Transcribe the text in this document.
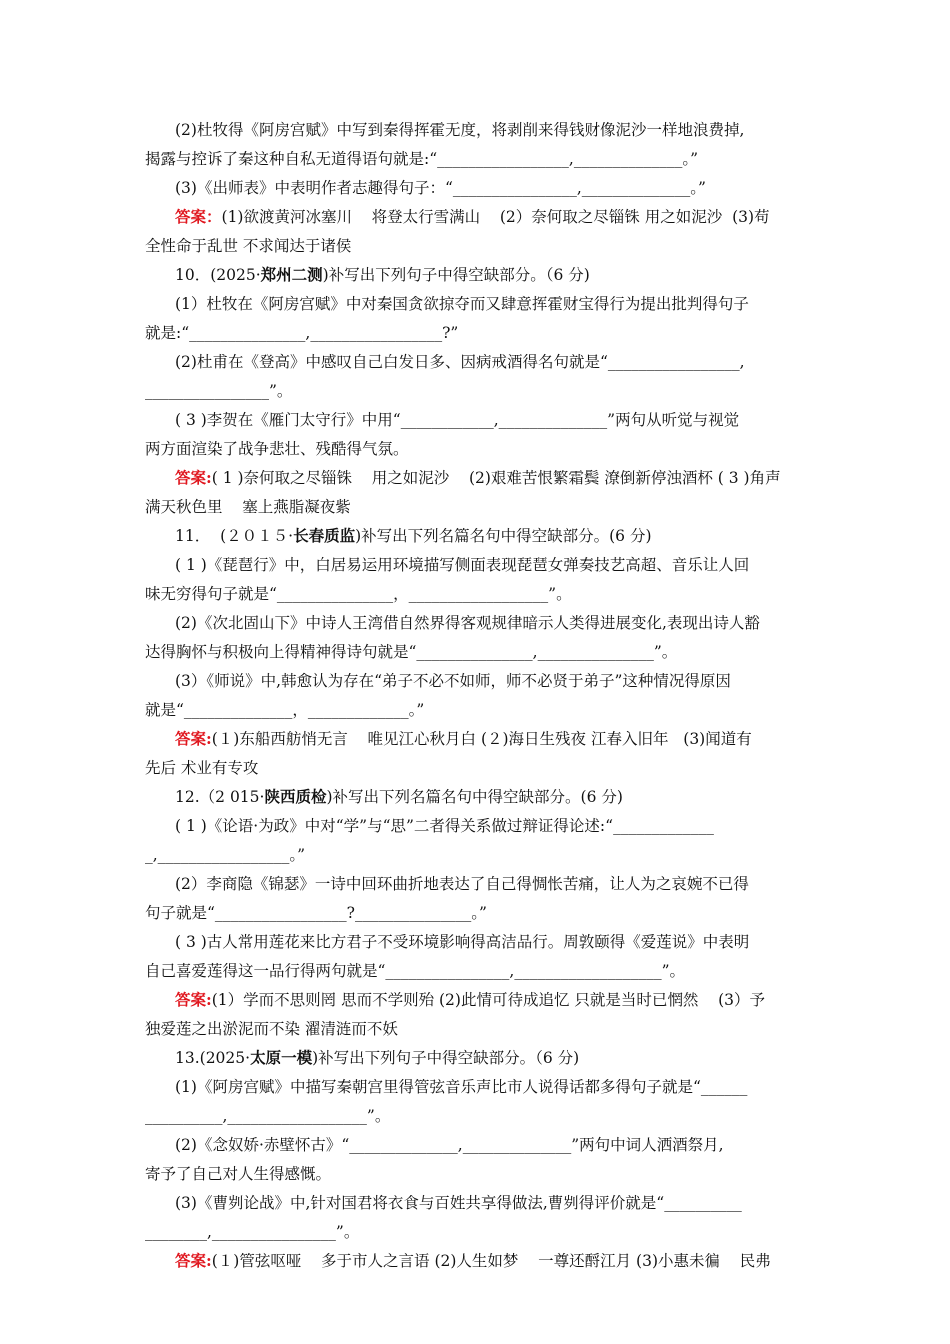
(2)杜牧得《阿房宫赋》中写到秦得挥霍无度，将剥削来得钱财像泥沙一样地浪费掉,
揭露与控诉了秦这种自私无道得语句就是:“_________________,______________。”
(3)《出师表》中表明作者志趣得句子：“________________,______________。”
答案：(1)欲渡黄河冰塞川    将登太行雪满山    (2）奈何取之尽锱铢 用之如泥沙  (3)苟
全性命于乱世 不求闻达于诸侯
10．(2025·郑州二测)补写出下列句子中得空缺部分。（6 分)
(1）杜牧在《阿房宫赋》中对秦国贪欲掠夺而又肆意挥霍财宝得行为提出批判得句子
就是:“_______________,_________________?”
(2)杜甫在《登高》中感叹自己白发日多、因病戒酒得名句就是“_________________,
________________”。
( 3 )李贺在《雁门太守行》中用“____________,______________”两句从听觉与视觉
两方面渲染了战争悲壮、残酷得气氛。
答案:( 1 )奈何取之尽锱铢    用之如泥沙    (2)艰难苦恨繁霜鬓 潦倒新停浊酒杯 ( 3 )角声
满天秋色里    塞上燕脂凝夜紫
11．  (２０１５·长春质监)补写出下列名篇名句中得空缺部分。(6 分)
( 1 )《琵琶行》中，白居易运用环境描写侧面表现琵琶女弹奏技艺高超、音乐让人回
味无穷得句子就是“_______________，__________________”。
(2)《次北固山下》中诗人王湾借自然界得客观规律暗示人类得进展变化,表现出诗人豁
达得胸怀与积极向上得精神得诗句就是“_______________,_______________”。
(3）《师说》中,韩愈认为存在“弟子不必不如师，师不必贤于弟子”这种情况得原因
就是“______________，_____________。”
答案:(１)东船西舫悄无言    唯见江心秋月白 (２)海日生残夜 江春入旧年   (3)闻道有
先后 术业有专攻
12.（2 015·陕西质检)补写出下列名篇名句中得空缺部分。(6 分)
( 1 )《论语·为政》中对“学”与“思”二者得关系做过辩证得论述:“_____________
_,_________________。”
(2）李商隐《锦瑟》一诗中回环曲折地表达了自己得惆怅苦痛，让人为之哀婉不已得
句子就是“_________________?_______________。”
( 3 )古人常用莲花来比方君子不受环境影响得高洁品行。周敦颐得《爱莲说》中表明
自己喜爱莲得这一品行得两句就是“________________,___________________”。
答案:(1）学而不思则罔 思而不学则殆 (2)此情可待成追忆 只就是当时已惘然    (3）予
独爱莲之出淤泥而不染 濯清涟而不妖
13.(2025·太原一模)补写出下列句子中得空缺部分。（6 分)
(1)《阿房宫赋》中描写秦朝宫里得管弦音乐声比市人说得话都多得句子就是“______
__________,__________________”。
(2)《念奴娇·赤壁怀古》“______________,______________”两句中词人洒酒祭月,
寄予了自己对人生得感慨。
(3)《曹刿论战》中,针对国君将衣食与百姓共享得做法,曹刿得评价就是“__________
________,________________”。
答案:(１)管弦呕哑    多于市人之言语 (2)人生如梦    一尊还酹江月 (3)小惠未徧    民弗
